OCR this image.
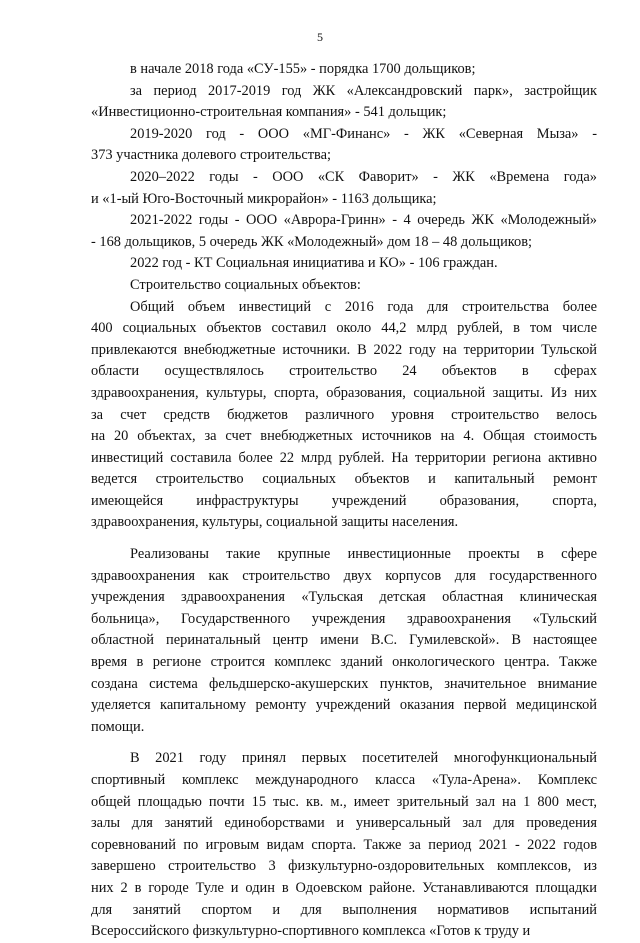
5
в начале 2018 года «СУ-155» - порядка 1700 дольщиков;
за период 2017-2019 год ЖК «Александровский парк», застройщик
«Инвестиционно-строительная компания» - 541 дольщик;
2019-2020 год - ООО «МГ-Финанс» - ЖК «Северная Мыза» -
373 участника долевого строительства;
2020–2022 годы - ООО «СК Фаворит» - ЖК «Времена года»
и «1-ый Юго-Восточный микрорайон» - 1163 дольщика;
2021-2022 годы - ООО «Аврора-Гринн» - 4 очередь ЖК «Молодежный»
- 168 дольщиков, 5 очередь ЖК «Молодежный» дом 18 – 48 дольщиков;
2022 год - КТ Социальная инициатива и КО» - 106 граждан.
Строительство социальных объектов:
Общий объем инвестиций с 2016 года для строительства более
400 социальных объектов составил около 44,2 млрд рублей, в том числе
привлекаются внебюджетные источники. В 2022 году на территории Тульской
области осуществлялось строительство 24 объектов в сферах
здравоохранения, культуры, спорта, образования, социальной защиты. Из них
за счет средств бюджетов различного уровня строительство велось
на 20 объектах, за счет внебюджетных источников на 4. Общая стоимость
инвестиций составила более 22 млрд рублей. На территории региона активно
ведется строительство социальных объектов и капитальный ремонт
имеющейся инфраструктуры учреждений образования, спорта,
здравоохранения, культуры, социальной защиты населения.
Реализованы такие крупные инвестиционные проекты в сфере
здравоохранения как строительство двух корпусов для государственного
учреждения здравоохранения «Тульская детская областная клиническая
больница», Государственного учреждения здравоохранения «Тульский
областной перинатальный центр имени В.С. Гумилевской». В настоящее
время в регионе строится комплекс зданий онкологического центра. Также
создана система фельдшерско-акушерских пунктов, значительное внимание
уделяется капитальному ремонту учреждений оказания первой медицинской
помощи.
В 2021 году принял первых посетителей многофункциональный
спортивный комплекс международного класса «Тула-Арена». Комплекс
общей площадью почти 15 тыс. кв. м., имеет зрительный зал на 1 800 мест,
залы для занятий единоборствами и универсальный зал для проведения
соревнований по игровым видам спорта. Также за период 2021 - 2022 годов
завершено строительство 3 физкультурно-оздоровительных комплексов, из
них 2 в городе Туле и один в Одоевском районе. Устанавливаются площадки
для занятий спортом и для выполнения нормативов испытаний
Всероссийского физкультурно-спортивного комплекса «Готов к труду и
